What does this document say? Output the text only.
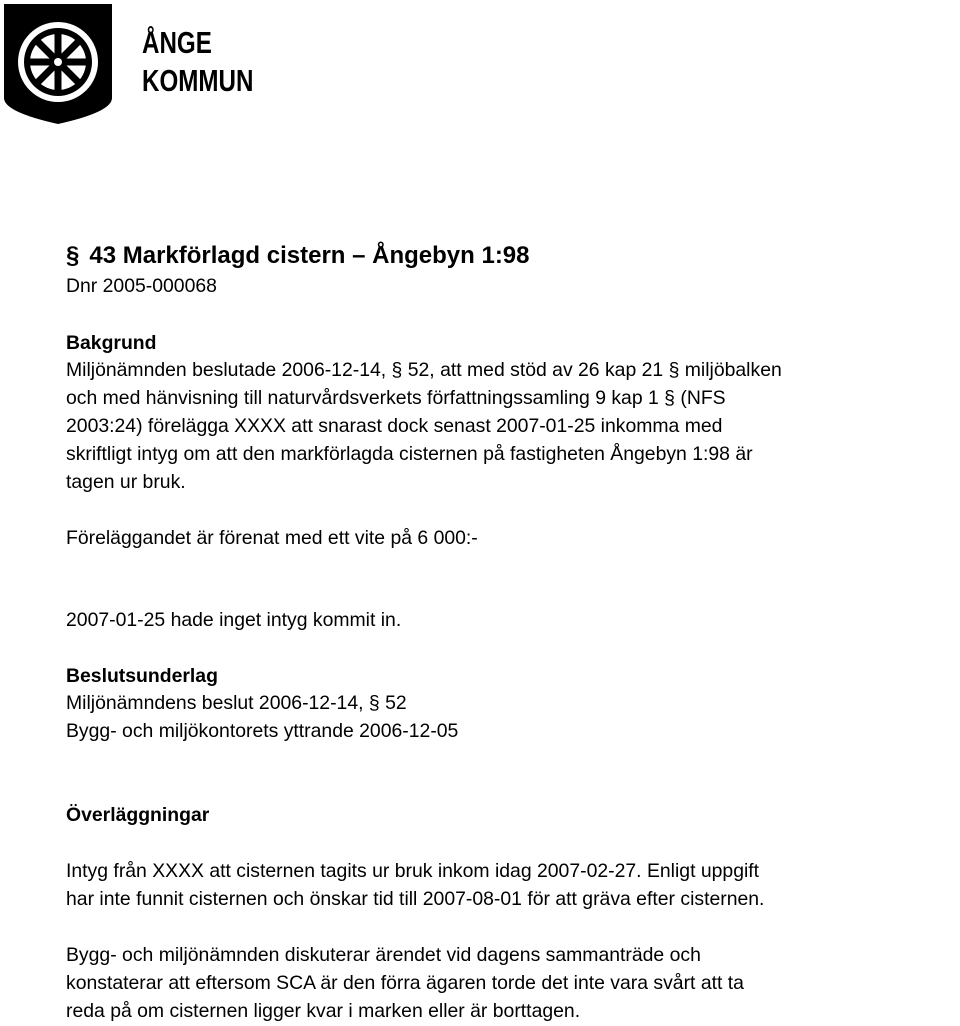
ÅNGE
KOMMUN
§ 43 Markförlagd cistern – Ångebyn 1:98
Dnr 2005-000068
Bakgrund
Miljönämnden beslutade 2006-12-14, § 52, att med stöd av 26 kap 21 § miljöbalken
och med hänvisning till naturvårdsverkets författningssamling 9 kap 1 § (NFS
2003:24) förelägga XXXX att snarast dock senast 2007-01-25 inkomma med
skriftligt intyg om att den markförlagda cisternen på fastigheten Ångebyn 1:98 är
tagen ur bruk.
Föreläggandet är förenat med ett vite på 6 000:-
2007-01-25 hade inget intyg kommit in.
Beslutsunderlag
Miljönämndens beslut 2006-12-14, § 52
Bygg- och miljökontorets yttrande 2006-12-05
Överläggningar
Intyg från XXXX att cisternen tagits ur bruk inkom idag 2007-02-27. Enligt uppgift
har inte funnit cisternen och önskar tid till 2007-08-01 för att gräva efter cisternen.
Bygg- och miljönämnden diskuterar ärendet vid dagens sammanträde och
konstaterar att eftersom SCA är den förra ägaren torde det inte vara svårt att ta
reda på om cisternen ligger kvar i marken eller är borttagen.
